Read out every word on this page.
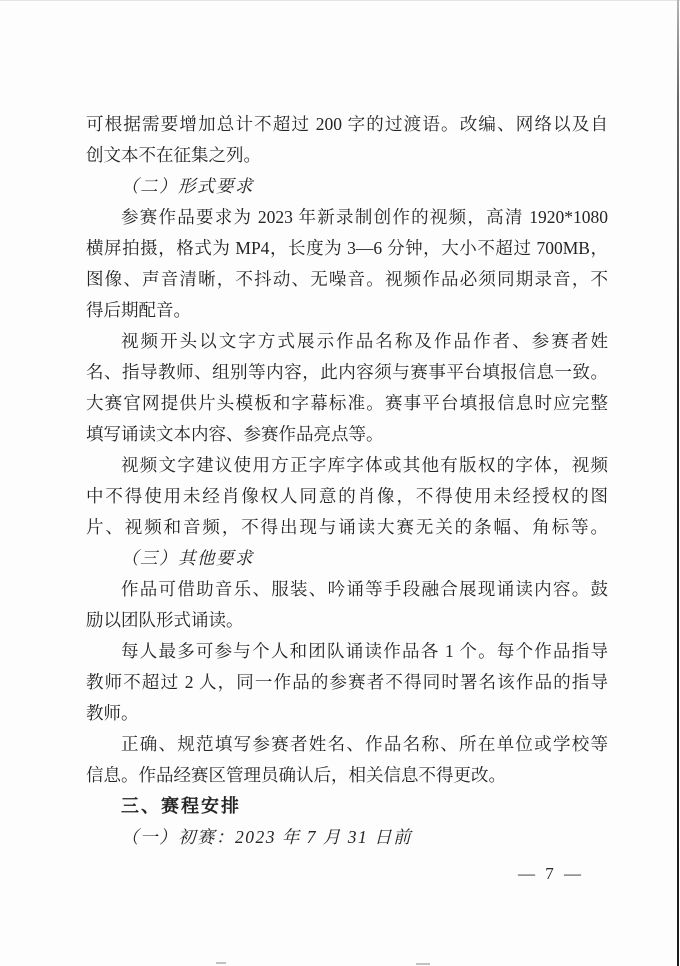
可根据需要增加总计不超过 200 字的过渡语。改编、网络以及自
创文本不在征集之列。
（二）形式要求
参赛作品要求为 2023 年新录制创作的视频，高清 1920*1080
横屏拍摄，格式为 MP4，长度为 3—6 分钟，大小不超过 700MB，
图像、声音清晰，不抖动、无噪音。视频作品必须同期录音，不
得后期配音。
视频开头以文字方式展示作品名称及作品作者、参赛者姓
名、指导教师、组别等内容，此内容须与赛事平台填报信息一致。
大赛官网提供片头模板和字幕标准。赛事平台填报信息时应完整
填写诵读文本内容、参赛作品亮点等。
视频文字建议使用方正字库字体或其他有版权的字体，视频
中不得使用未经肖像权人同意的肖像，不得使用未经授权的图
片、视频和音频，不得出现与诵读大赛无关的条幅、角标等。
（三）其他要求
作品可借助音乐、服装、吟诵等手段融合展现诵读内容。鼓
励以团队形式诵读。
每人最多可参与个人和团队诵读作品各 1 个。每个作品指导
教师不超过 2 人，同一作品的参赛者不得同时署名该作品的指导
教师。
正确、规范填写参赛者姓名、作品名称、所在单位或学校等
信息。作品经赛区管理员确认后，相关信息不得更改。
三、赛程安排
（一）初赛：2023 年 7 月 31 日前
— 7 —
